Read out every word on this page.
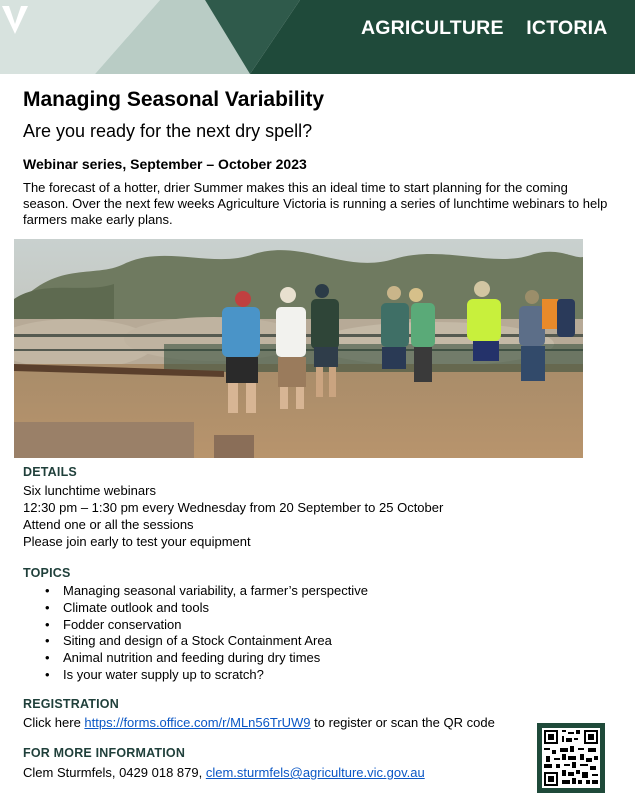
AGRICULTURE ICTORIA
Managing Seasonal Variability
Are you ready for the next dry spell?
Webinar series, September – October 2023
The forecast of a hotter, drier Summer makes this an ideal time to start planning for the coming season. Over the next few weeks Agriculture Victoria is running a series of lunchtime webinars to help farmers make early plans.
DETAILS
Six lunchtime webinars
12:30 pm – 1:30 pm every Wednesday from 20 September to 25 October
Attend one or all the sessions
Please join early to test your equipment
TOPICS
• Managing seasonal variability, a farmer’s perspective
• Climate outlook and tools
• Fodder conservation
• Siting and design of a Stock Containment Area
• Animal nutrition and feeding during dry times
• Is your water supply up to scratch?
REGISTRATION
Click here https://forms.office.com/r/MLn56TrUW9 to register or scan the QR code
FOR MORE INFORMATION
Clem Sturmfels, 0429 018 879, clem.sturmfels@agriculture.vic.gov.au
